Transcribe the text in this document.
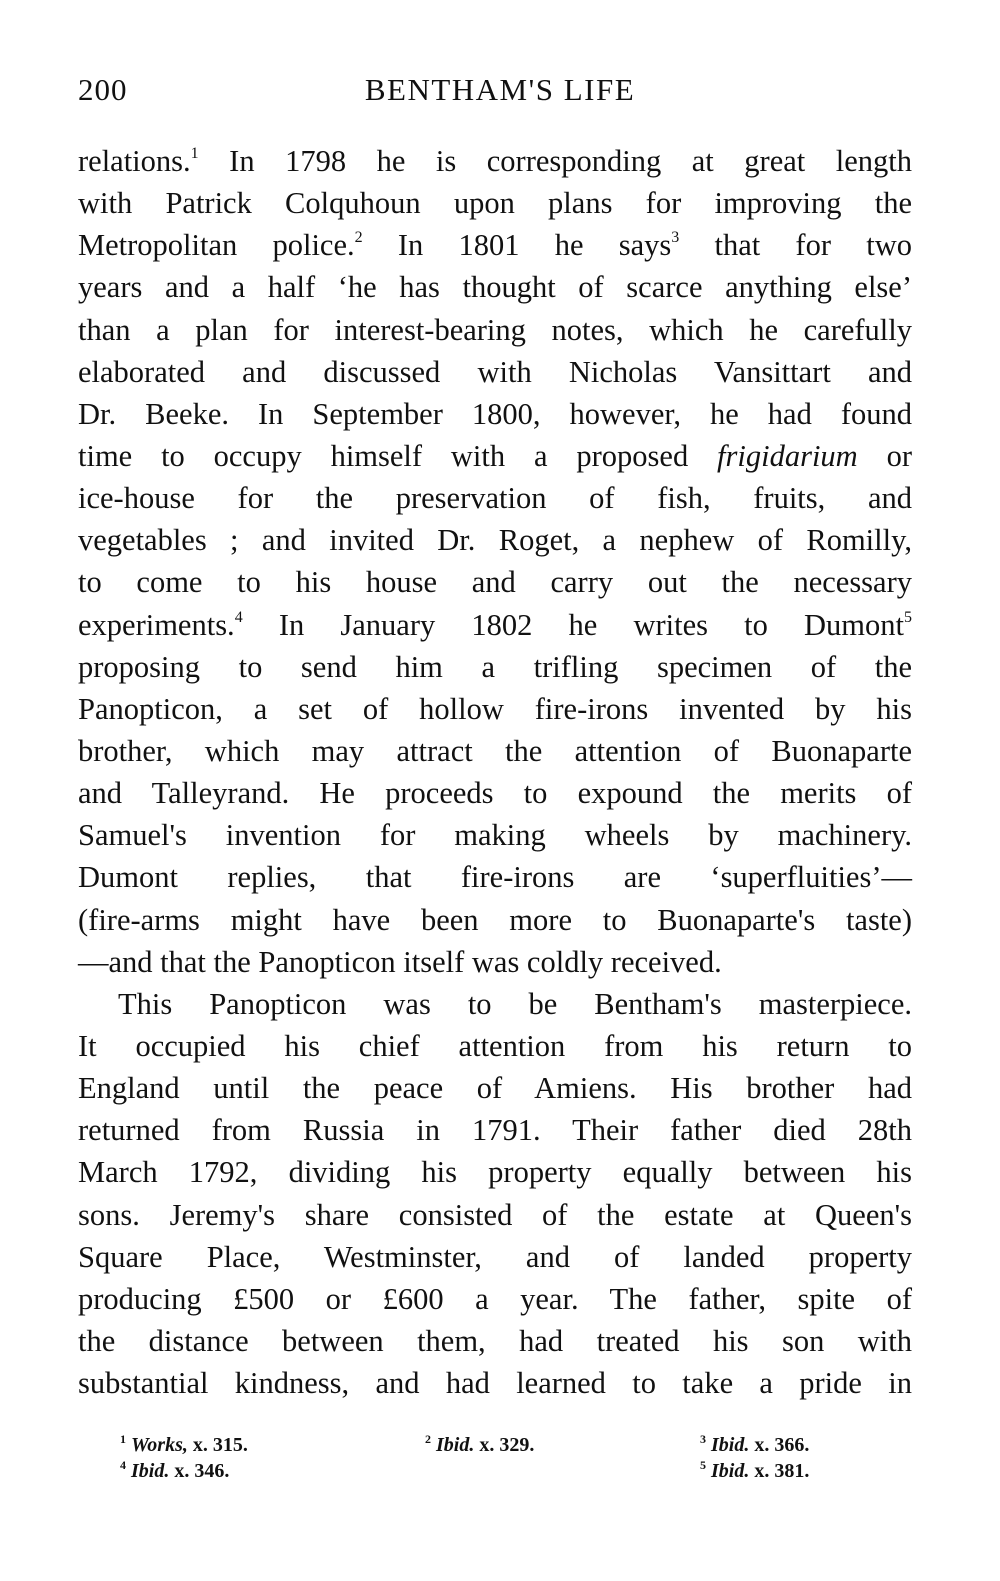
200	BENTHAM'S LIFE
relations.$^1$ In 1798 he is corresponding at great length
with Patrick Colquhoun upon plans for improving the
Metropolitan police.$^2$ In 1801 he says$^3$ that for two
years and a half ‘he has thought of scarce anything else’
than a plan for interest-bearing notes, which he carefully
elaborated and discussed with Nicholas Vansittart and
Dr. Beeke. In September 1800, however, he had found
time to occupy himself with a proposed frigidarium or
ice-house for the preservation of fish, fruits, and
vegetables ; and invited Dr. Roget, a nephew of Romilly,
to come to his house and carry out the necessary
experiments.$^4$ In January 1802 he writes to Dumont$^5$
proposing to send him a trifling specimen of the
Panopticon, a set of hollow fire-irons invented by his
brother, which may attract the attention of Buonaparte
and Talleyrand. He proceeds to expound the merits of
Samuel's invention for making wheels by machinery.
Dumont replies, that fire-irons are ‘superfluities’—
(fire-arms might have been more to Buonaparte's taste)
—and that the Panopticon itself was coldly received.
This Panopticon was to be Bentham's masterpiece.
It occupied his chief attention from his return to
England until the peace of Amiens. His brother had
returned from Russia in 1791. Their father died 28th
March 1792, dividing his property equally between his
sons. Jeremy's share consisted of the estate at Queen's
Square Place, Westminster, and of landed property
producing £500 or £600 a year. The father, spite of
the distance between them, had treated his son with
substantial kindness, and had learned to take a pride in
$^1$ Works, x. 315.	$^2$ Ibid. x. 329.	$^3$ Ibid. x. 366.
$^4$ Ibid. x. 346.	$^5$ Ibid. x. 381.
